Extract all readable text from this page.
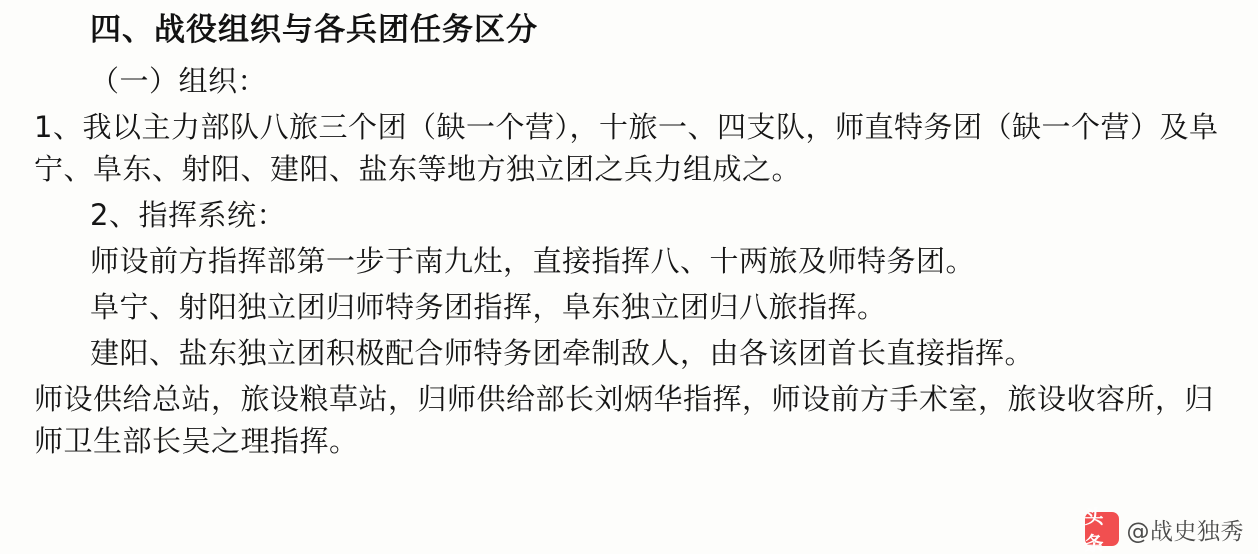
四、战役组织与各兵团任务区分
（一）组织：
1、我以主力部队八旅三个团（缺一个营），十旅一、四支队，师直特务团（缺一个营）及阜宁、阜东、射阳、建阳、盐东等地方独立团之兵力组成之。
2、指挥系统：
师设前方指挥部第一步于南九灶，直接指挥八、十两旅及师特务团。
阜宁、射阳独立团归师特务团指挥，阜东独立团归八旅指挥。
建阳、盐东独立团积极配合师特务团牵制敌人，由各该团首长直接指挥。
师设供给总站，旅设粮草站，归师供给部长刘炳华指挥，师设前方手术室，旅设收容所，归师卫生部长吴之理指挥。
头条	@战史独秀
